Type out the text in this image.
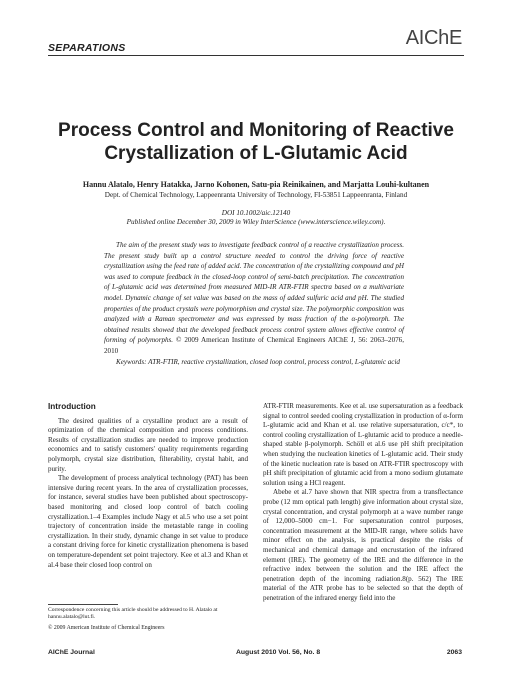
SEPARATIONS	AIChE
Process Control and Monitoring of Reactive
Crystallization of L-Glutamic Acid
Hannu Alatalo, Henry Hatakka, Jarno Kohonen, Satu-pia Reinikainen, and Marjatta Louhi-kultanen
Dept. of Chemical Technology, Lappeenranta University of Technology, FI-53851 Lappeenranta, Finland
DOI 10.1002/aic.12140
Published online December 30, 2009 in Wiley InterScience (www.interscience.wiley.com).
The aim of the present study was to investigate feedback control of a reactive crystallization process. The present study built up a control structure needed to control the driving force of reactive crystallization using the feed rate of added acid. The concentration of the crystallizing compound and pH was used to compute feedback in the closed-loop control of semi-batch precipitation. The concentration of L-glutamic acid was determined from measured MID-IR ATR-FTIR spectra based on a multivariate model. Dynamic change of set value was based on the mass of added sulfuric acid and pH. The studied properties of the product crystals were polymorphism and crystal size. The polymorphic composition was analyzed with a Raman spectrometer and was expressed by mass fraction of the α-polymorph. The obtained results showed that the developed feedback process control system allows effective control of forming of polymorphs. © 2009 American Institute of Chemical Engineers AIChE J, 56: 2063–2076, 2010
Keywords: ATR-FTIR, reactive crystallization, closed loop control, process control, L-glutamic acid
Introduction

The desired qualities of a crystalline product are a result of optimization of the chemical composition and process conditions. Results of crystallization studies are needed to improve production economics and to satisfy customers' quality requirements regarding polymorph, crystal size distribution, filterability, crystal habit, and purity.

The development of process analytical technology (PAT) has been intensive during recent years. In the area of crystallization processes, for instance, several studies have been published about spectroscopy-based monitoring and closed loop control of batch cooling crystallization.1–4 Examples include Nagy et al.5 who use a set point trajectory of concentration inside the metastable range in cooling crystallization. In their study, dynamic change in set value to produce a constant driving force for kinetic crystallization phenomena is based on temperature-dependent set point trajectory. Kee et al.3 and Khan et al.4 base their closed loop control on

ATR-FTIR measurements. Kee et al. use supersaturation as a feedback signal to control seeded cooling crystallization in production of α-form L-glutamic acid and Khan et al. use relative supersaturation, c/c*, to control cooling crystallization of L-glutamic acid to produce a needle-shaped stable β-polymorph. Schöll et al.6 use pH shift precipitation when studying the nucleation kinetics of L-glutamic acid. Their study of the kinetic nucleation rate is based on ATR-FTIR spectroscopy with pH shift precipitation of glutamic acid from a mono sodium glutamate solution using a HCl reagent.

Abebe et al.7 have shown that NIR spectra from a transflectance probe (12 mm optical path length) give information about crystal size, crystal concentration, and crystal polymorph at a wave number range of 12,000–5000 cm−1. For supersaturation control purposes, concentration measurement at the MID-IR range, where solids have minor effect on the analysis, is practical despite the risks of mechanical and chemical damage and encrustation of the infrared element (IRE). The geometry of the IRE and the difference in the refractive index between the solution and the IRE affect the penetration depth of the incoming radiation.8(p. 562) The IRE material of the ATR probe has to be selected so that the depth of penetration of the infrared energy field into the

Correspondence concerning this article should be addressed to H. Alatalo at hannu.alatalo@lut.fi.
© 2009 American Institute of Chemical Engineers
AIChE Journal	August 2010 Vol. 56, No. 8	2063
